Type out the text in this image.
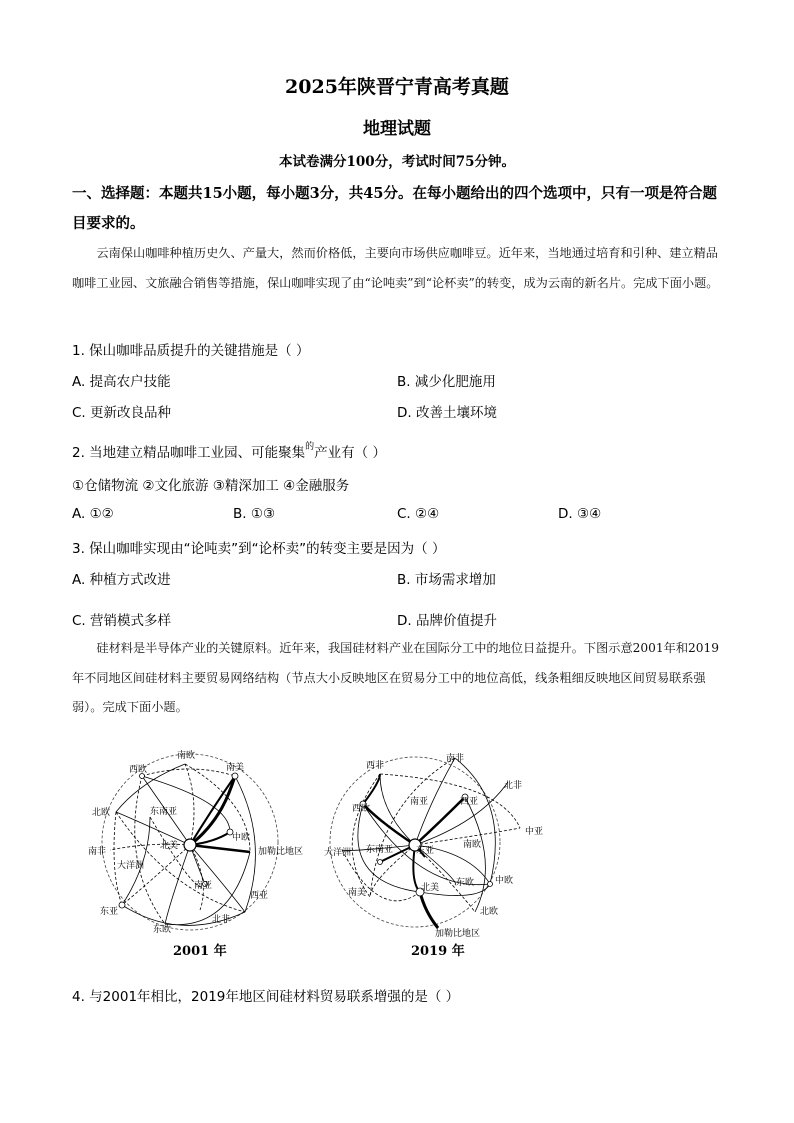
2025年陕晋宁青高考真题
地理试题
本试卷满分100分，考试时间75分钟。
一、选择题：本题共15小题，每小题3分，共45分。在每小题给出的四个选项中，只有一项是符合题目要求的。
云南保山咖啡种植历史久、产量大，然而价格低，主要向市场供应咖啡豆。近年来，当地通过培育和引种、建立精品咖啡工业园、文旅融合销售等措施，保山咖啡实现了由“论吨卖”到“论杯卖”的转变，成为云南的新名片。完成下面小题。
1. 保山咖啡品质提升的关键措施是（ ）
A. 提高农户技能	B. 减少化肥施用
C. 更新改良品种	D. 改善土壤环境
2. 当地建立精品咖啡工业园、可能聚集$^的$产业有（ ）
①仓储物流 ②文化旅游 ③精深加工 ④金融服务
A. ①②	B. ①③	C. ②④	D. ③④
3. 保山咖啡实现由“论吨卖”到“论杯卖”的转变主要是因为（ ）
A. 种植方式改进	B. 市场需求增加
C. 营销模式多样	D. 品牌价值提升
硅材料是半导体产业的关键原料。近年来，我国硅材料产业在国际分工中的地位日益提升。下图示意2001年和2019年不同地区间硅材料主要贸易网络结构（节点大小反映地区在贸易分工中的地位高低，线条粗细反映地区间贸易联系强弱）。完成下面小题。
南欧
西欧	南美
北欧	东南亚
南非
北美
中欧
加勒比地区
大洋洲
南亚
东亚
西亚
东欧
北非
2001 年
西非
南非
北非
南亚	西亚
西欧
中亚
大洋洲 东南亚	东亚
南欧
南美	北美 东欧 中欧
北欧
加勒比地区
2019 年
4. 与2001年相比，2019年地区间硅材料贸易联系增强的是（ ）
